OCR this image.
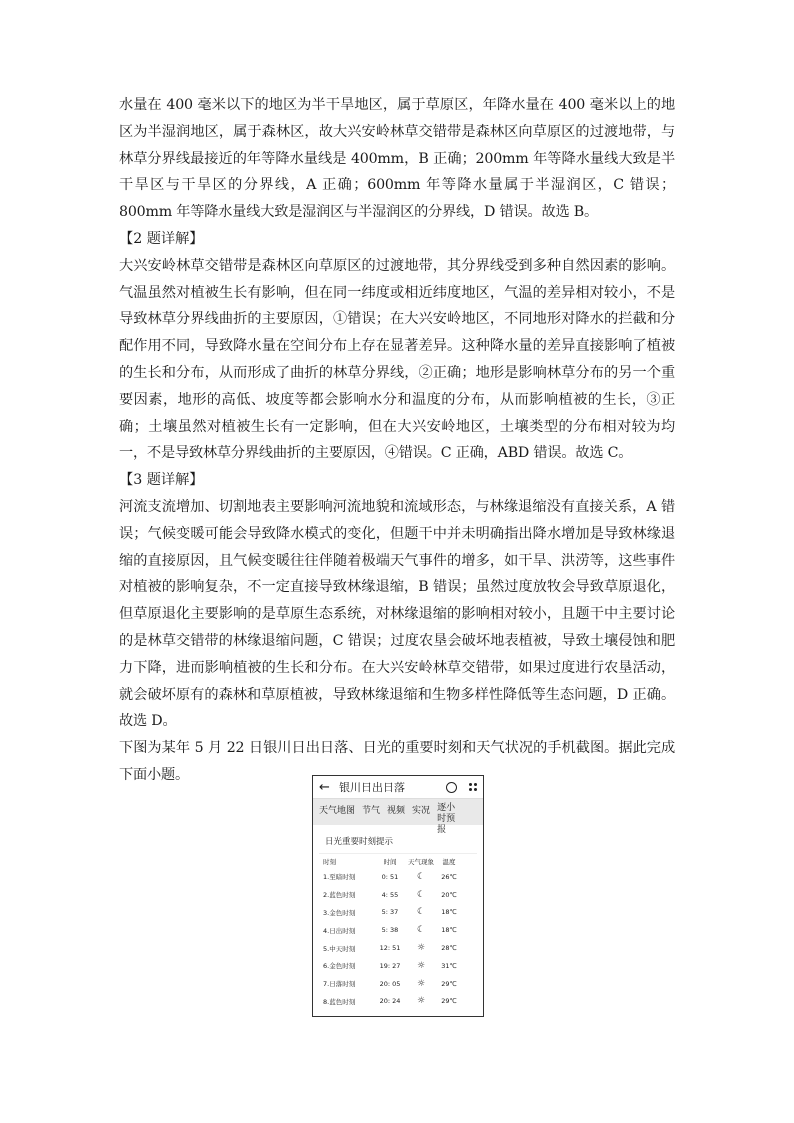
水量在 400 毫米以下的地区为半干旱地区，属于草原区，年降水量在 400 毫米以上的地区为半湿润地区，属于森林区，故大兴安岭林草交错带是森林区向草原区的过渡地带，与林草分界线最接近的年等降水量线是 400mm，B 正确；200mm 年等降水量线大致是半干旱区与干旱区的分界线，A 正确；600mm 年等降水量属于半湿润区，C 错误；800mm 年等降水量线大致是湿润区与半湿润区的分界线，D 错误。故选 B。

【2 题详解】

大兴安岭林草交错带是森林区向草原区的过渡地带，其分界线受到多种自然因素的影响。气温虽然对植被生长有影响，但在同一纬度或相近纬度地区，气温的差异相对较小，不是导致林草分界线曲折的主要原因，①错误；在大兴安岭地区，不同地形对降水的拦截和分配作用不同，导致降水量在空间分布上存在显著差异。这种降水量的差异直接影响了植被的生长和分布，从而形成了曲折的林草分界线，②正确；地形是影响林草分布的另一个重要因素，地形的高低、坡度等都会影响水分和温度的分布，从而影响植被的生长，③正确；土壤虽然对植被生长有一定影响，但在大兴安岭地区，土壤类型的分布相对较为均一，不是导致林草分界线曲折的主要原因，④错误。C 正确，ABD 错误。故选 C。

【3 题详解】

河流支流增加、切割地表主要影响河流地貌和流域形态，与林缘退缩没有直接关系，A 错误；气候变暖可能会导致降水模式的变化，但题干中并未明确指出降水增加是导致林缘退缩的直接原因，且气候变暖往往伴随着极端天气事件的增多，如干旱、洪涝等，这些事件对植被的影响复杂，不一定直接导致林缘退缩，B 错误；虽然过度放牧会导致草原退化，但草原退化主要影响的是草原生态系统，对林缘退缩的影响相对较小，且题干中主要讨论的是林草交错带的林缘退缩问题，C 错误；过度农垦会破坏地表植被，导致土壤侵蚀和肥力下降，进而影响植被的生长和分布。在大兴安岭林草交错带，如果过度进行农垦活动，就会破坏原有的森林和草原植被，导致林缘退缩和生物多样性降低等生态问题，D 正确。故选 D。

下图为某年 5 月 22 日银川日出日落、日光的重要时刻和天气状况的手机截图。据此完成下面小题。

← 银川日出日落
天气地图 节气 视频 实况 逐小时预报
日光重要时刻提示
时刻	时间	天气现象	温度
1.至暗时刻	0: 51	☾	26℃
2.蓝色时刻	4: 55	☾	20℃
3.金色时刻	5: 37	☾	18℃
4.日出时刻	5: 38	☾	18℃
5.中天时刻	12: 51	☼	28℃
6.金色时刻	19: 27	☼	31℃
7.日落时刻	20: 05	☼	29℃
8.蓝色时刻	20: 24	☼	29℃
